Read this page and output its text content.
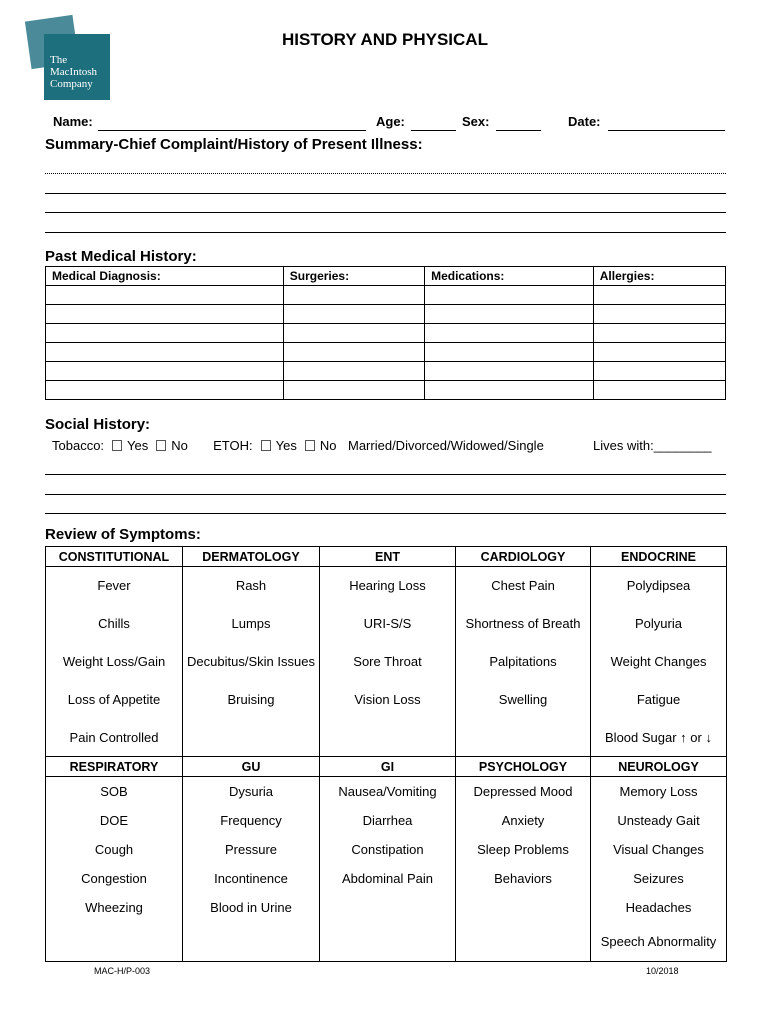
The
MacIntosh
Company
HISTORY AND PHYSICAL
Name:	Age:	Sex:	Date:
Summary-Chief Complaint/History of Present Illness:
Past Medical History:
Medical Diagnosis:	Surgeries:	Medications:	Allergies:

Social History:
Tobacco: Yes No ETOH: Yes No Married/Divorced/Widowed/Single	Lives with:________
Review of Symptoms:
CONSTITUTIONAL	DERMATOLOGY	ENT	CARDIOLOGY	ENDOCRINE
Fever	Rash	Hearing Loss	Chest Pain	Polydipsea
Chills	Lumps	URI-S/S	Shortness of Breath	Polyuria
Weight Loss/Gain	Decubitus/Skin Issues	Sore Throat	Palpitations	Weight Changes
Loss of Appetite	Bruising	Vision Loss	Swelling	Fatigue
Pain Controlled				Blood Sugar ↑ or ↓
RESPIRATORY	GU	GI	PSYCHOLOGY	NEUROLOGY
SOB	Dysuria	Nausea/Vomiting	Depressed Mood	Memory Loss
DOE	Frequency	Diarrhea	Anxiety	Unsteady Gait
Cough	Pressure	Constipation	Sleep Problems	Visual Changes
Congestion	Incontinence	Abdominal Pain	Behaviors	Seizures
Wheezing	Blood in Urine			Headaches
				Speech Abnormality
MAC-H/P-003	10/2018
